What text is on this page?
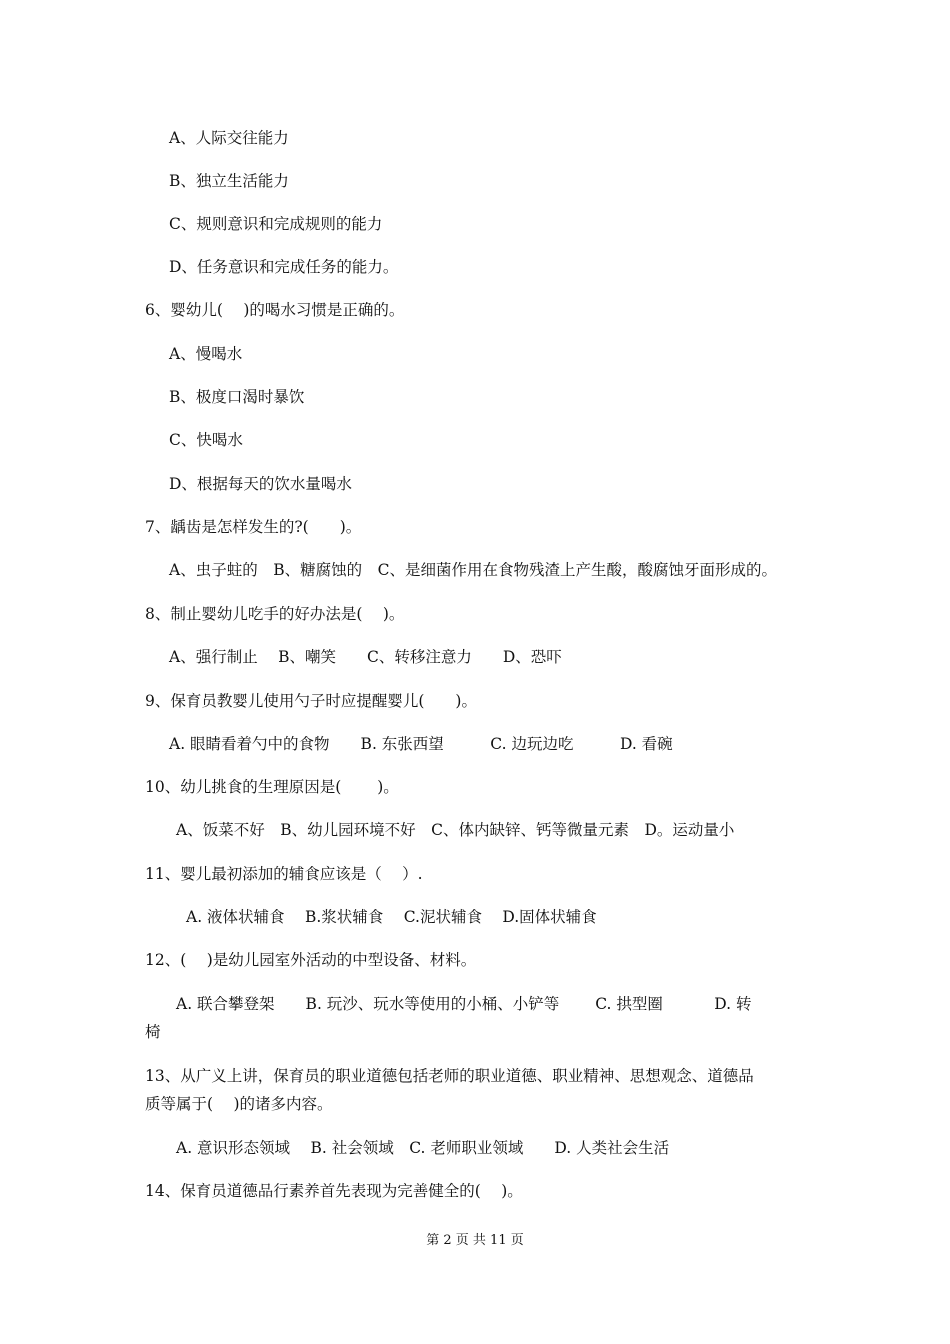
A、人际交往能力
B、独立生活能力
C、规则意识和完成规则的能力
D、任务意识和完成任务的能力。
6、婴幼儿(　 )的喝水习惯是正确的。
A、慢喝水
B、极度口渴时暴饮
C、快喝水
D、根据每天的饮水量喝水
7、龋齿是怎样发生的?(　　)。
A、虫子蛀的　B、糖腐蚀的　C、是细菌作用在食物残渣上产生酸，酸腐蚀牙面形成的。
8、制止婴幼儿吃手的好办法是(　 )。
A、强行制止　 B、嘲笑　　C、转移注意力　　D、恐吓
9、保育员教婴儿使用勺子时应提醒婴儿(　　)。
A. 眼睛看着勺中的食物　　B. 东张西望　　　C. 边玩边吃　　　D. 看碗
10、幼儿挑食的生理原因是(　　 )。
A、饭菜不好　B、幼儿园环境不好　C、体内缺锌、钙等微量元素　D。运动量小
11、婴儿最初添加的辅食应该是（　 ）.
A. 液体状辅食　 B.浆状辅食　 C.泥状辅食　 D.固体状辅食
12、(　 )是幼儿园室外活动的中型设备、材料。
A. 联合攀登架　　B. 玩沙、玩水等使用的小桶、小铲等　　 C. 拱型圈　　　 D. 转
椅
13、从广义上讲，保育员的职业道德包括老师的职业道德、职业精神、思想观念、道德品
质等属于(　 )的诸多内容。
A. 意识形态领域　 B. 社会领域　C. 老师职业领域　　D. 人类社会生活
14、保育员道德品行素养首先表现为完善健全的(　 )。
第 2 页 共 11 页
